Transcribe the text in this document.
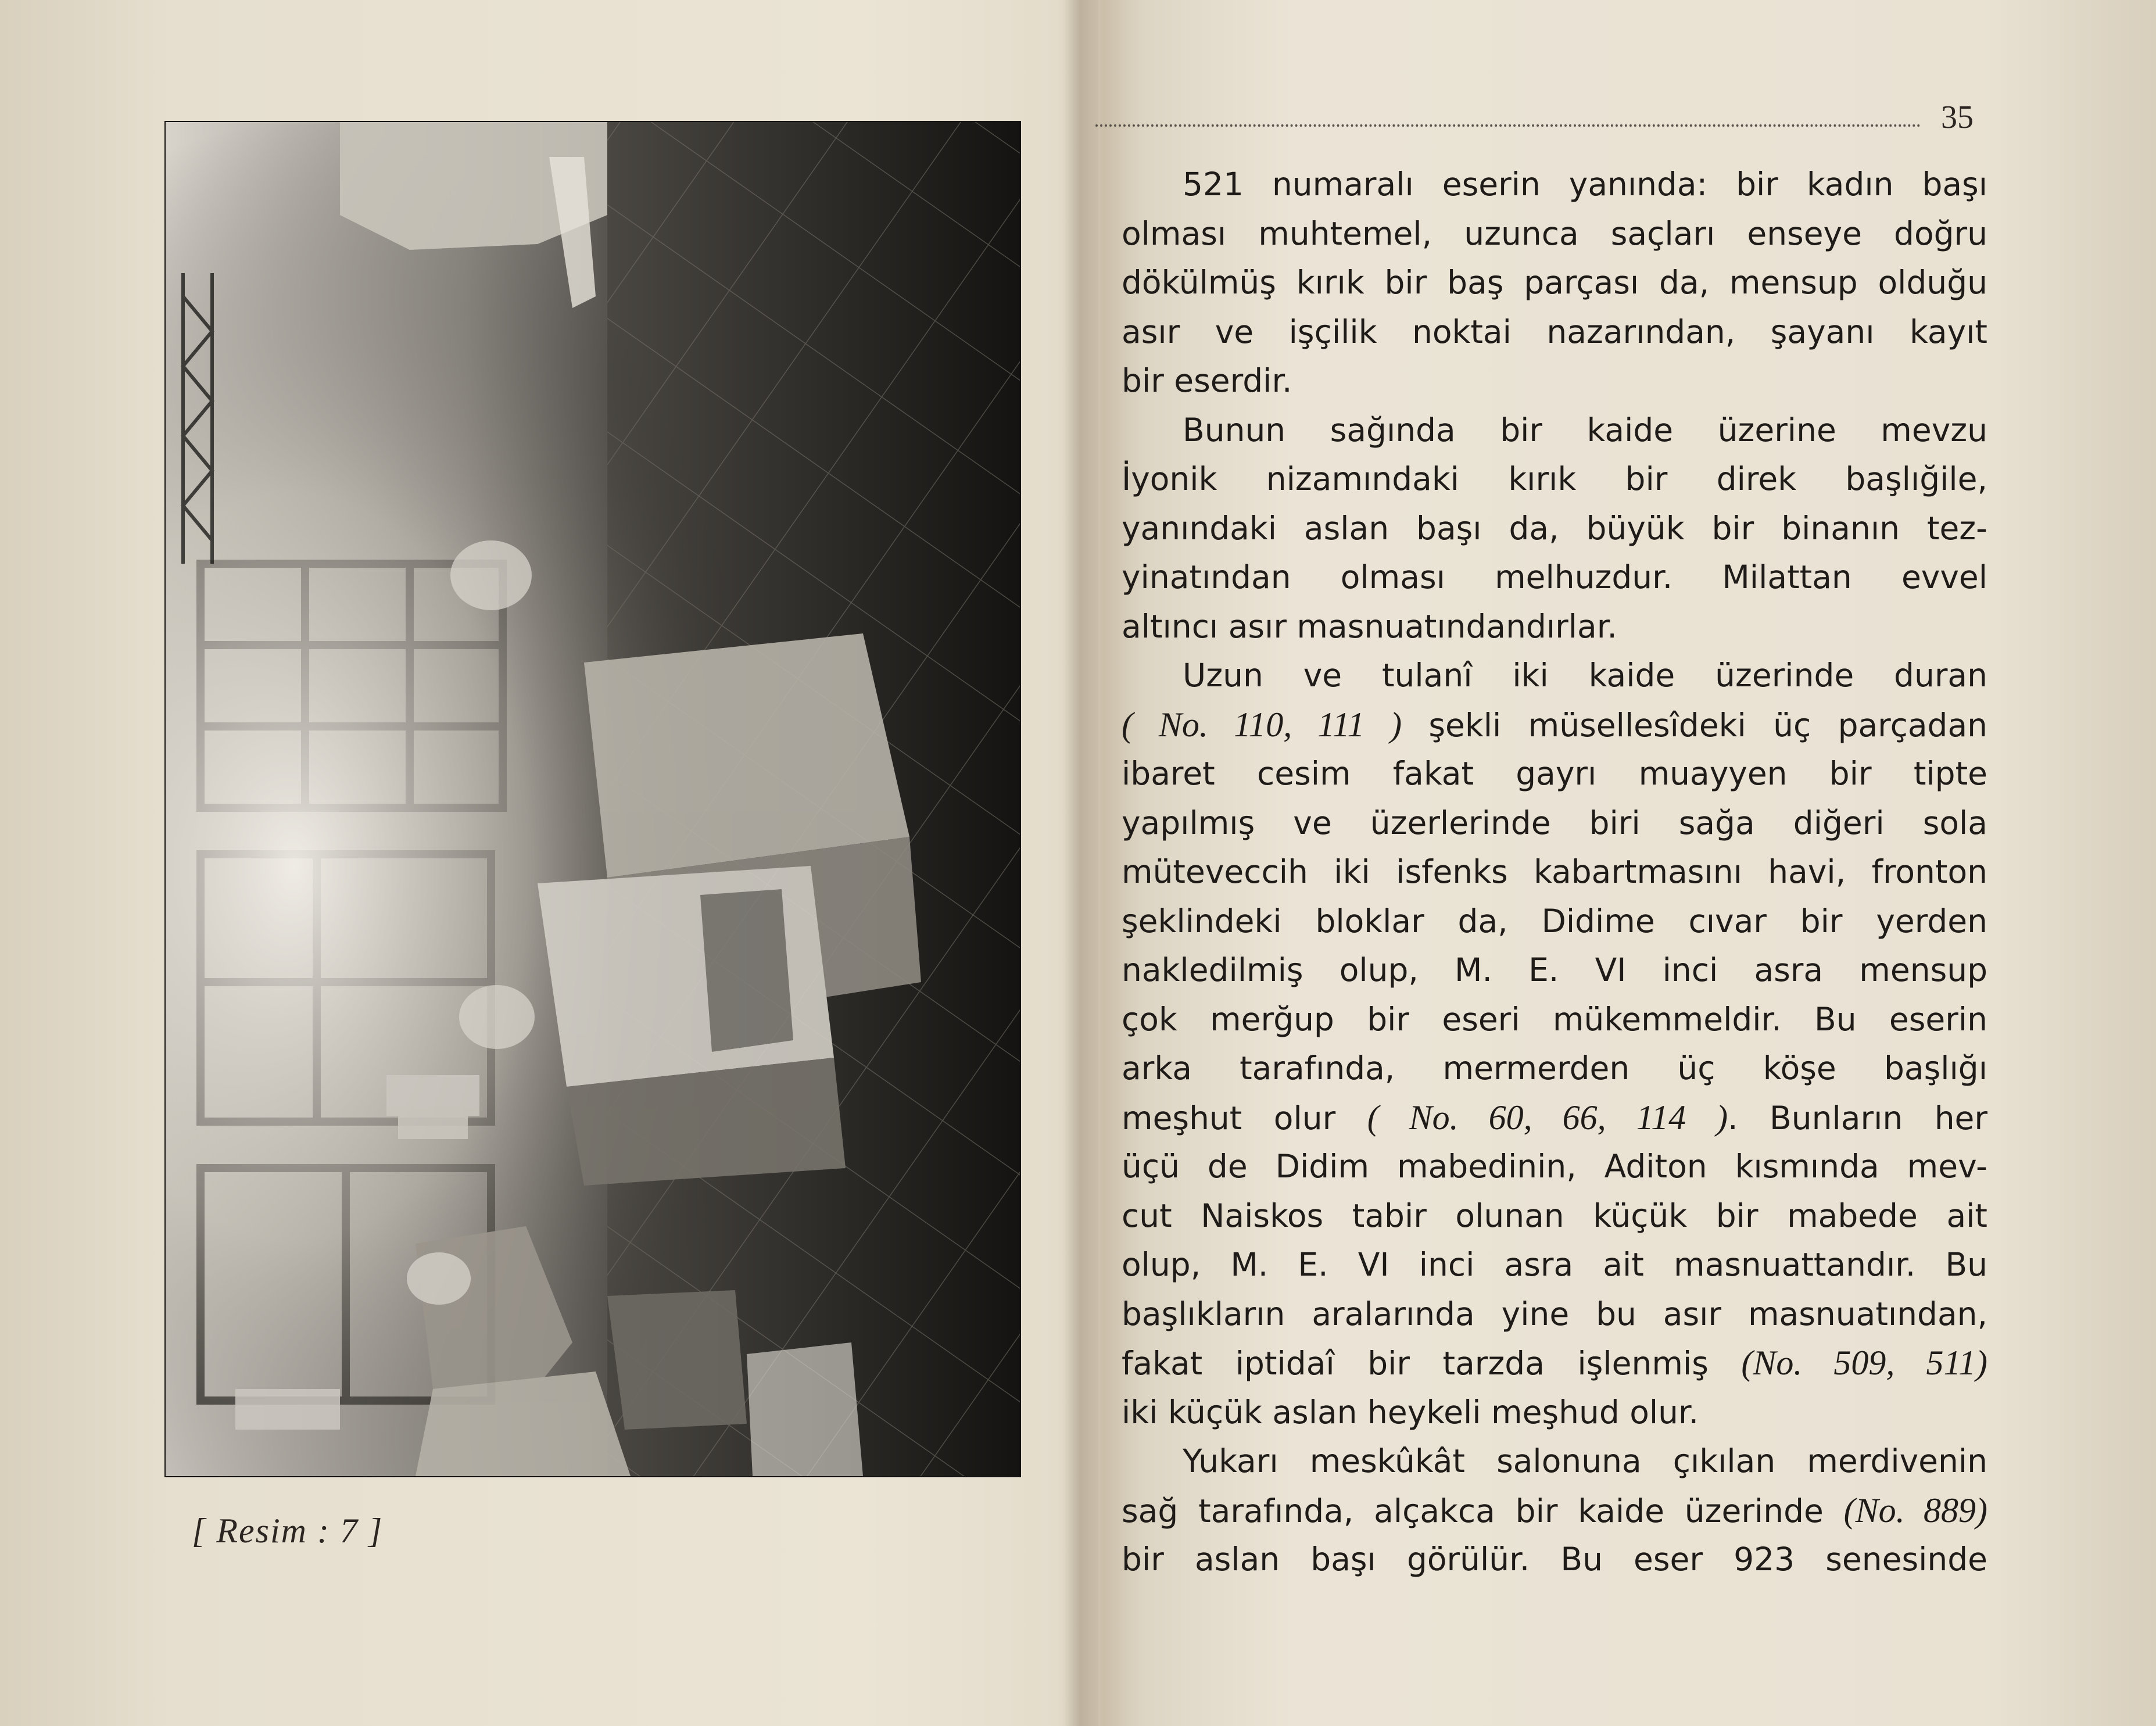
[ Resim : 7 ]
35

521 numaralı eserin yanında: bir kadın başı
olması muhtemel, uzunca saçları enseye doğru
dökülmüş kırık bir baş parçası da, mensup olduğu
asır ve işçilik noktai nazarından, şayanı kayıt
bir eserdir.

Bunun sağında bir kaide üzerine mevzu
İyonik nizamındaki kırık bir direk başlığile,
yanındaki aslan başı da, büyük bir binanın tez-
yinatından olması melhuzdur. Milattan evvel
altıncı asır masnuatındandırlar.

Uzun ve tulanî iki kaide üzerinde duran
( No. 110, 111 ) şekli müsellesîdeki üç parçadan
ibaret cesim fakat gayrı muayyen bir tipte
yapılmış ve üzerlerinde biri sağa diğeri sola
müteveccih iki isfenks kabartmasını havi, fronton
şeklindeki bloklar da, Didime cıvar bir yerden
nakledilmiş olup, M. E. VI inci asra mensup
çok merğup bir eseri mükemmeldir. Bu eserin
arka tarafında, mermerden üç köşe başlığı
meşhut olur ( No. 60, 66, 114 ). Bunların her
üçü de Didim mabedinin, Aditon kısmında mev-
cut Naiskos tabir olunan küçük bir mabede ait
olup, M. E. VI inci asra ait masnuattandır. Bu
başlıkların aralarında yine bu asır masnuatından,
fakat iptidaî bir tarzda işlenmiş (No. 509, 511)
iki küçük aslan heykeli meşhud olur.

Yukarı meskûkât salonuna çıkılan merdivenin
sağ tarafında, alçakca bir kaide üzerinde (No. 889)
bir aslan başı görülür. Bu eser 923 senesinde
